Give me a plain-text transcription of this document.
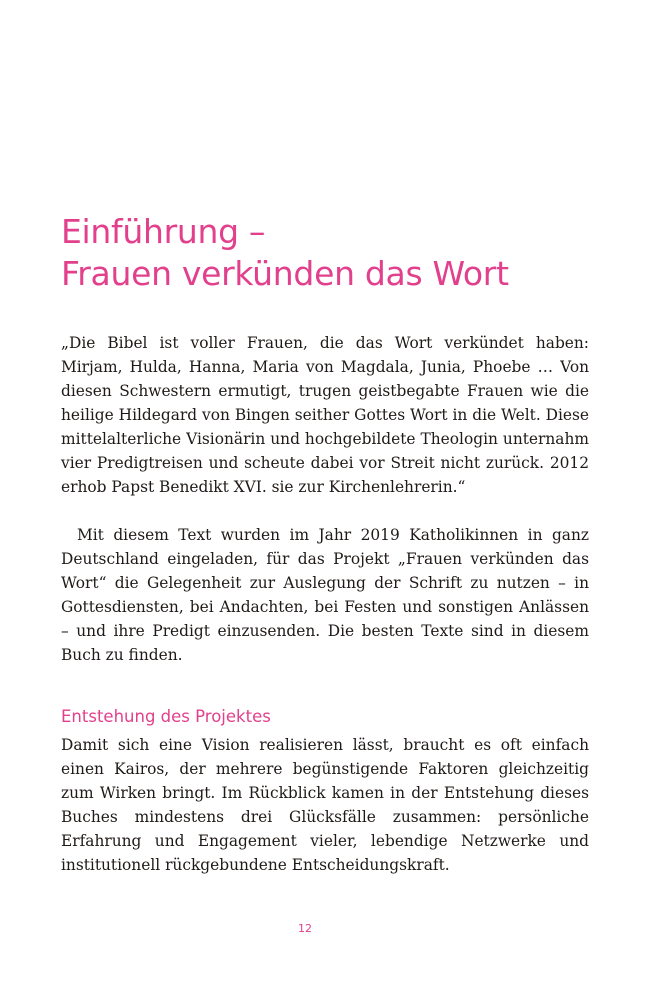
Einführung –
Frauen verkünden das Wort

„Die Bibel ist voller Frauen, die das Wort verkündet haben: Mirjam, Hulda, Hanna, Maria von Magdala, Junia, Phoebe … Von diesen Schwestern ermutigt, trugen geistbegabte Frauen wie die heilige Hildegard von Bingen seither Gottes Wort in die Welt. Diese mittelalterliche Visionärin und hochgebildete Theologin unternahm vier Predigtreisen und scheute dabei vor Streit nicht zurück. 2012 erhob Papst Benedikt XVI. sie zur Kirchenlehrerin.“

Mit diesem Text wurden im Jahr 2019 Katholikinnen in ganz Deutschland eingeladen, für das Projekt „Frauen verkünden das Wort“ die Gelegenheit zur Auslegung der Schrift zu nutzen – in Gottesdiensten, bei Andachten, bei Festen und sonstigen Anlässen – und ihre Predigt einzusenden. Die besten Texte sind in diesem Buch zu finden.

Entstehung des Projektes

Damit sich eine Vision realisieren lässt, braucht es oft einfach einen Kairos, der mehrere begünstigende Faktoren gleichzeitig zum Wirken bringt. Im Rückblick kamen in der Entstehung dieses Buches mindestens drei Glücksfälle zusammen: persönliche Erfahrung und Engagement vieler, lebendige Netzwerke und institutionell rückgebundene Entscheidungskraft.

12
